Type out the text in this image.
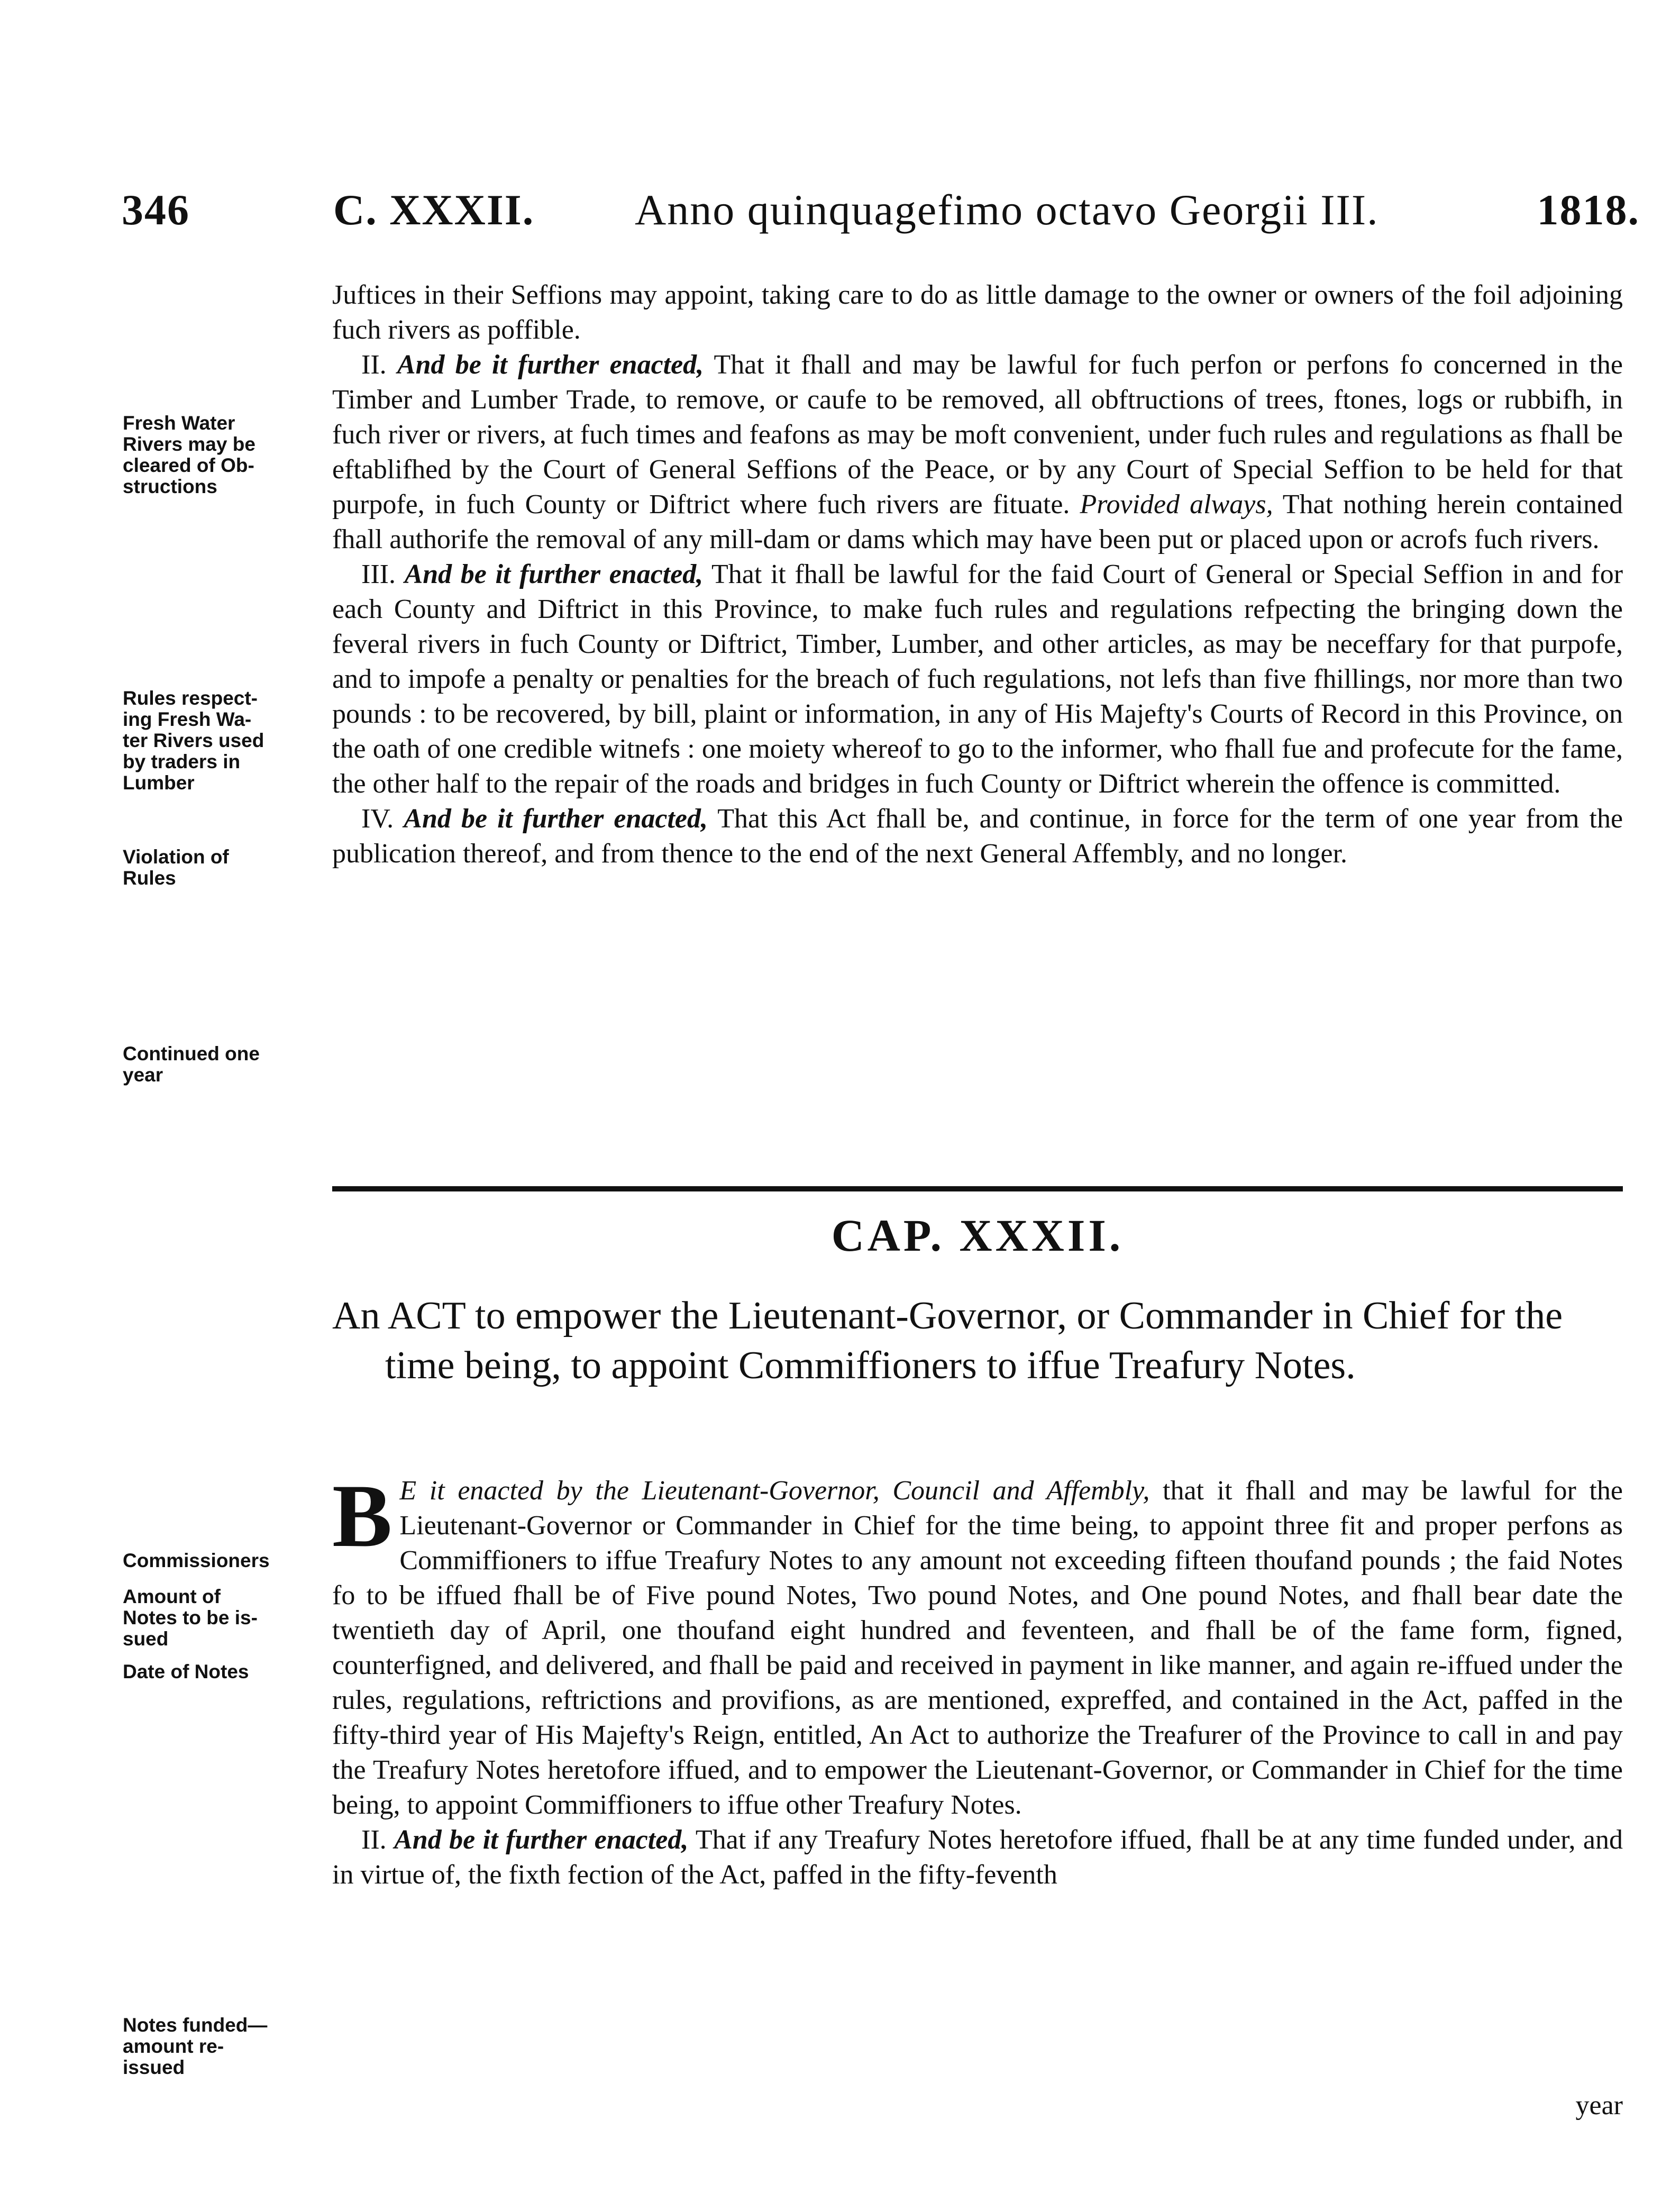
346	C. XXXII. Anno quinquagefimo octavo Georgii III.	1818.

Juftices in their Seffions may appoint, taking care to do as little damage to the owner or owners of the foil adjoining fuch rivers as poffible.

II. And be it further enacted, That it fhall and may be lawful for fuch perfon or perfons fo concerned in the Timber and Lumber Trade, to remove, or caufe to be removed, all obftructions of trees, ftones, logs or rubbifh, in fuch river or rivers, at fuch times and feafons as may be moft convenient, under fuch rules and regulations as fhall be eftablifhed by the Court of General Seffions of the Peace, or by any Court of Special Seffion to be held for that purpofe, in fuch County or Diftrict where fuch rivers are fituate. Provided always, That nothing herein contained fhall authorife the removal of any mill-dam or dams which may have been put or placed upon or acrofs fuch rivers.

III. And be it further enacted, That it fhall be lawful for the faid Court of General or Special Seffion in and for each County and Diftrict in this Province, to make fuch rules and regulations refpecting the bringing down the feveral rivers in fuch County or Diftrict, Timber, Lumber, and other articles, as may be neceffary for that purpofe, and to impofe a penalty or penalties for the breach of fuch regulations, not lefs than five fhillings, nor more than two pounds : to be recovered, by bill, plaint or information, in any of His Majefty's Courts of Record in this Province, on the oath of one credible witnefs : one moiety whereof to go to the informer, who fhall fue and profecute for the fame, the other half to the repair of the roads and bridges in fuch County or Diftrict wherein the offence is committed.

IV. And be it further enacted, That this Act fhall be, and continue, in force for the term of one year from the publication thereof, and from thence to the end of the next General Affembly, and no longer.

Fresh Water
Rivers may be
cleared of Ob-
structions
Rules respect-
ing Fresh Wa-
ter Rivers used
by traders in
Lumber
Violation of
Rules
Continued one
year
CAP. XXXII.
An ACT to empower the Lieutenant-Governor, or Commander in Chief for the time being, to appoint Commiffioners to iffue Treafury Notes.

B E it enacted by the Lieutenant-Governor, Council and Affembly, that it fhall and may be lawful for the Lieutenant-Governor or Commander in Chief for the time being, to appoint three fit and proper perfons as Commiffioners to iffue Treafury Notes to any amount not exceeding fifteen thoufand pounds ; the faid Notes fo to be iffued fhall be of Five pound Notes, Two pound Notes, and One pound Notes, and fhall bear date the twentieth day of April, one thoufand eight hundred and feventeen, and fhall be of the fame form, figned, counterfigned, and delivered, and fhall be paid and received in payment in like manner, and again re-iffued under the rules, regulations, reftrictions and provifions, as are mentioned, expreffed, and contained in the Act, paffed in the fifty-third year of His Majefty's Reign, entitled, An Act to authorize the Treafurer of the Province to call in and pay the Treafury Notes heretofore iffued, and to empower the Lieutenant-Governor, or Commander in Chief for the time being, to appoint Commiffioners to iffue other Treafury Notes.

II. And be it further enacted, That if any Treafury Notes heretofore iffued, fhall be at any time funded under, and in virtue of, the fixth fection of the Act, paffed in the fifty-feventh

Commissioners
Amount of
Notes to be is-
sued
Date of Notes
Notes funded—
amount re-
issued
year
